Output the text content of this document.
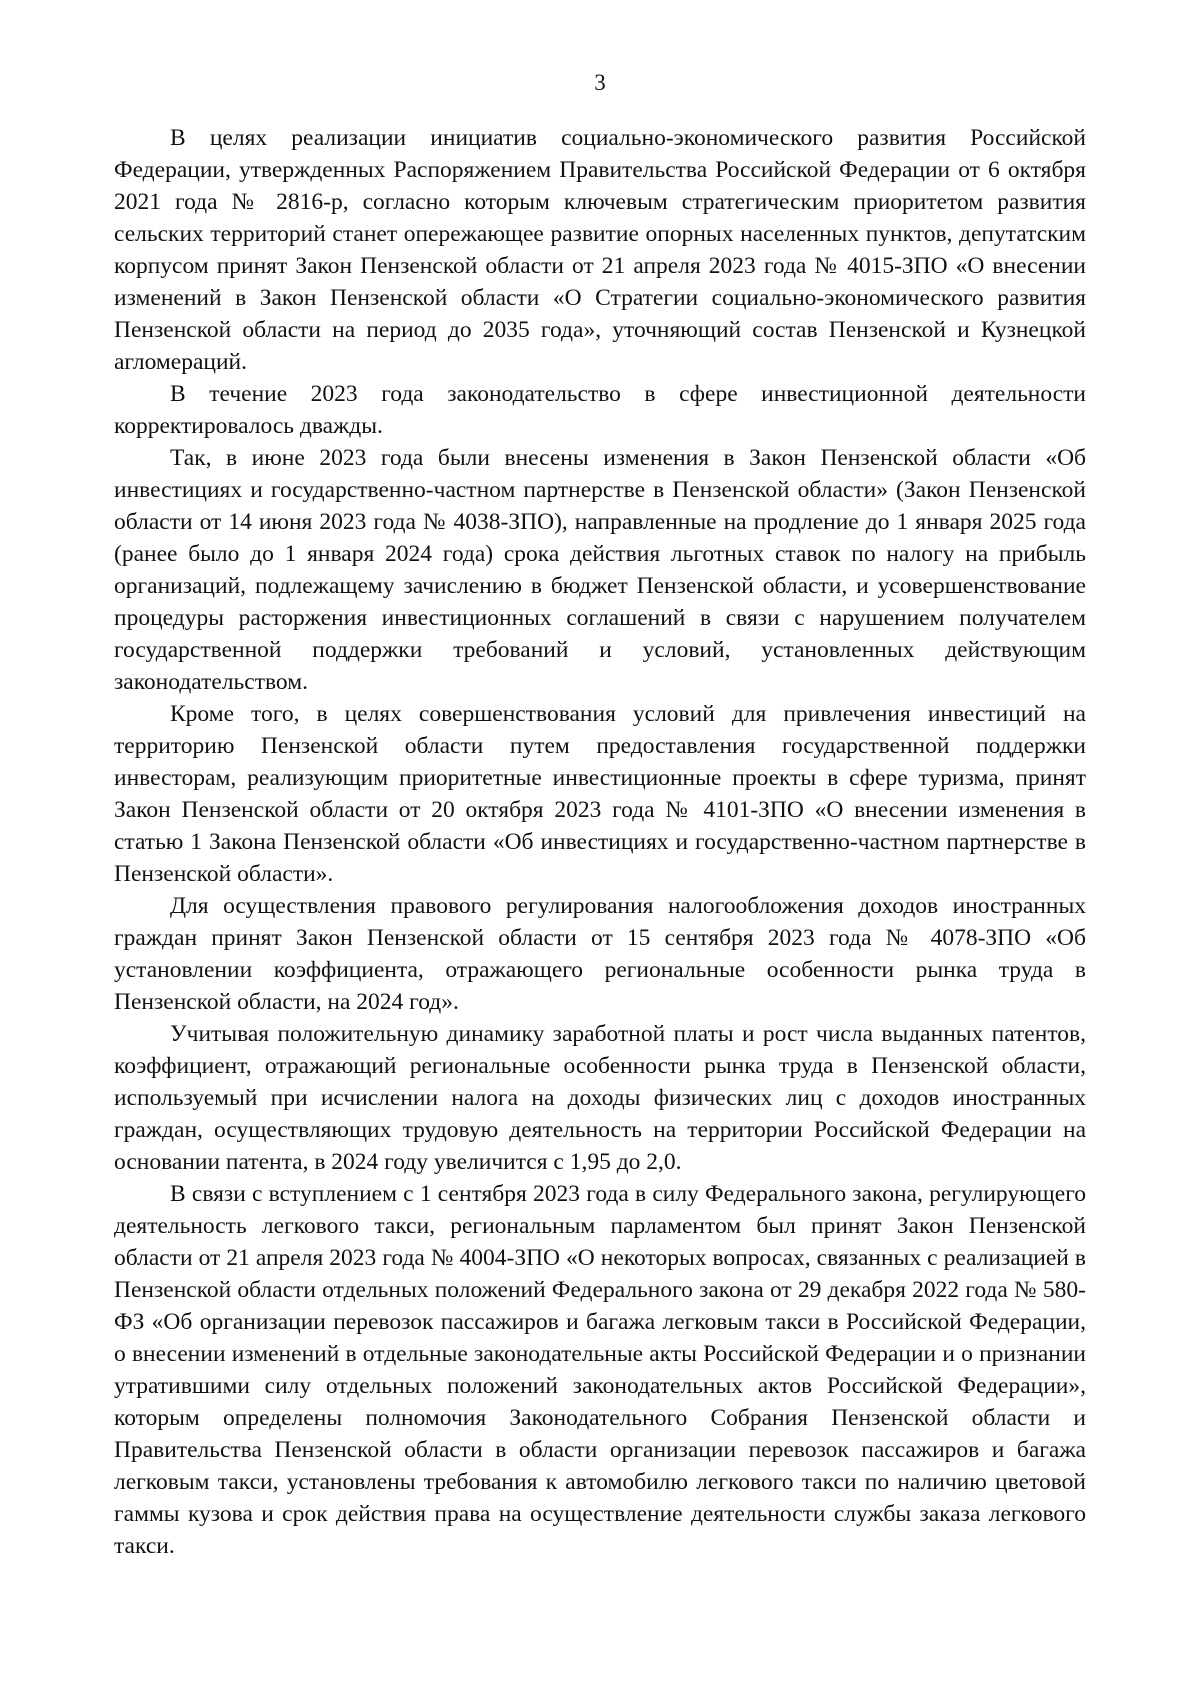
3

В целях реализации инициатив социально-экономического развития Российской Федерации, утвержденных Распоряжением Правительства Российской Федерации от 6 октября 2021 года № 2816-р, согласно которым ключевым стратегическим приоритетом развития сельских территорий станет опережающее развитие опорных населенных пунктов, депутатским корпусом принят Закон Пензенской области от 21 апреля 2023 года № 4015-ЗПО «О внесении изменений в Закон Пензенской области «О Стратегии социально-экономического развития Пензенской области на период до 2035 года», уточняющий состав Пензенской и Кузнецкой агломераций.

В течение 2023 года законодательство в сфере инвестиционной деятельности корректировалось дважды.

Так, в июне 2023 года были внесены изменения в Закон Пензенской области «Об инвестициях и государственно-частном партнерстве в Пензенской области» (Закон Пензенской области от 14 июня 2023 года № 4038-ЗПО), направленные на продление до 1 января 2025 года (ранее было до 1 января 2024 года) срока действия льготных ставок по налогу на прибыль организаций, подлежащему зачислению в бюджет Пензенской области, и усовершенствование процедуры расторжения инвестиционных соглашений в связи с нарушением получателем государственной поддержки требований и условий, установленных действующим законодательством.

Кроме того, в целях совершенствования условий для привлечения инвестиций на территорию Пензенской области путем предоставления государственной поддержки инвесторам, реализующим приоритетные инвестиционные проекты в сфере туризма, принят Закон Пензенской области от 20 октября 2023 года № 4101-ЗПО «О внесении изменения в статью 1 Закона Пензенской области «Об инвестициях и государственно-частном партнерстве в Пензенской области».

Для осуществления правового регулирования налогообложения доходов иностранных граждан принят Закон Пензенской области от 15 сентября 2023 года № 4078-ЗПО «Об установлении коэффициента, отражающего региональные особенности рынка труда в Пензенской области, на 2024 год».

Учитывая положительную динамику заработной платы и рост числа выданных патентов, коэффициент, отражающий региональные особенности рынка труда в Пензенской области, используемый при исчислении налога на доходы физических лиц с доходов иностранных граждан, осуществляющих трудовую деятельность на территории Российской Федерации на основании патента, в 2024 году увеличится с 1,95 до 2,0.

В связи с вступлением с 1 сентября 2023 года в силу Федерального закона, регулирующего деятельность легкового такси, региональным парламентом был принят Закон Пензенской области от 21 апреля 2023 года № 4004-ЗПО «О некоторых вопросах, связанных с реализацией в Пензенской области отдельных положений Федерального закона от 29 декабря 2022 года № 580-ФЗ «Об организации перевозок пассажиров и багажа легковым такси в Российской Федерации, о внесении изменений в отдельные законодательные акты Российской Федерации и о признании утратившими силу отдельных положений законодательных актов Российской Федерации», которым определены полномочия Законодательного Собрания Пензенской области и Правительства Пензенской области в области организации перевозок пассажиров и багажа легковым такси, установлены требования к автомобилю легкового такси по наличию цветовой гаммы кузова и срок действия права на осуществление деятельности службы заказа легкового такси.
